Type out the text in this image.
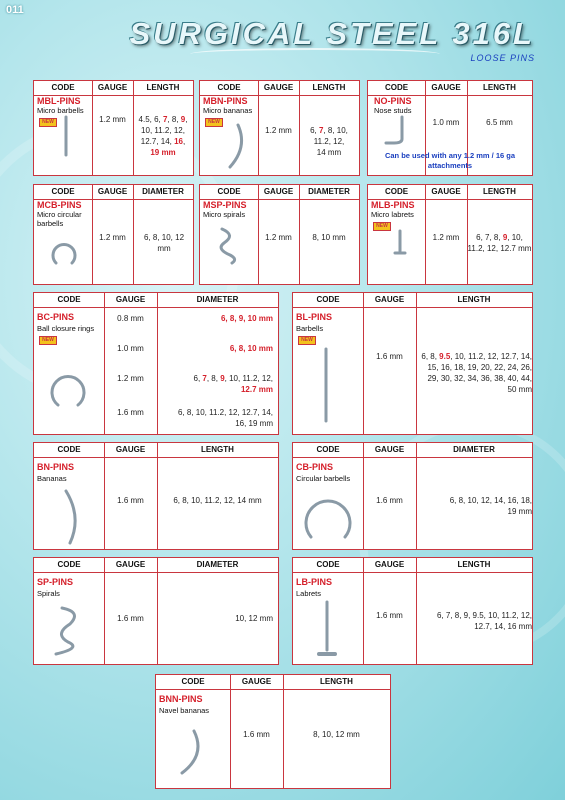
011
SURGICAL STEEL 316L
LOOSE PINS
CODE	GAUGE	LENGTH
MBL-PINS
Micro barbells
NEW	1.2 mm	4.5, 6, 7, 8, 9,
10, 11.2, 12,
12.7, 14, 16,
19 mm
CODE	GAUGE	LENGTH
MBN-PINS
Micro bananas
NEW
1.2 mm	6, 7, 8, 10,
11.2, 12,
14 mm
CODE	GAUGE	LENGTH
NO-PINS
Nose studs
1.0 mm	6.5 mm
Can be used with any 1.2 mm / 16 ga attachments
CODE	GAUGE	DIAMETER
MCB-PINS
Micro circular barbells
1.2 mm	6, 8, 10, 12 mm
CODE	GAUGE	DIAMETER
MSP-PINS
Micro spirals
1.2 mm	8, 10 mm
CODE	GAUGE	LENGTH
MLB-PINS
Micro labrets
NEW
1.2 mm	6, 7, 8, 9, 10,
11.2, 12, 12.7 mm
CODE	GAUGE	DIAMETER
BC-PINS
Ball closure rings
NEW
0.8 mm	6, 8, 9, 10 mm
1.0 mm	6, 8, 10 mm
1.2 mm	6, 7, 8, 9, 10, 11.2, 12,
12.7 mm
1.6 mm	6, 8, 10, 11.2, 12, 12.7, 14, 16, 19 mm
CODE	GAUGE	LENGTH
BL-PINS
Barbells
NEW
1.6 mm	6, 8, 9.5, 10, 11.2, 12, 12.7, 14,
15, 16, 18, 19, 20, 22, 24, 26,
29, 30, 32, 34, 36, 38, 40, 44,
50 mm
CODE	GAUGE	LENGTH
BN-PINS
Bananas
1.6 mm	6, 8, 10, 11.2, 12, 14 mm
CODE	GAUGE	DIAMETER
CB-PINS
Circular barbells
1.6 mm	6, 8, 10, 12, 14, 16, 18,
19 mm
CODE	GAUGE	DIAMETER
SP-PINS
Spirals
1.6 mm	10, 12 mm
CODE	GAUGE	LENGTH
LB-PINS
Labrets
1.6 mm	6, 7, 8, 9, 9.5, 10, 11.2, 12,
12.7, 14, 16 mm
CODE	GAUGE	LENGTH
BNN-PINS
Navel bananas
1.6 mm	8, 10, 12 mm
